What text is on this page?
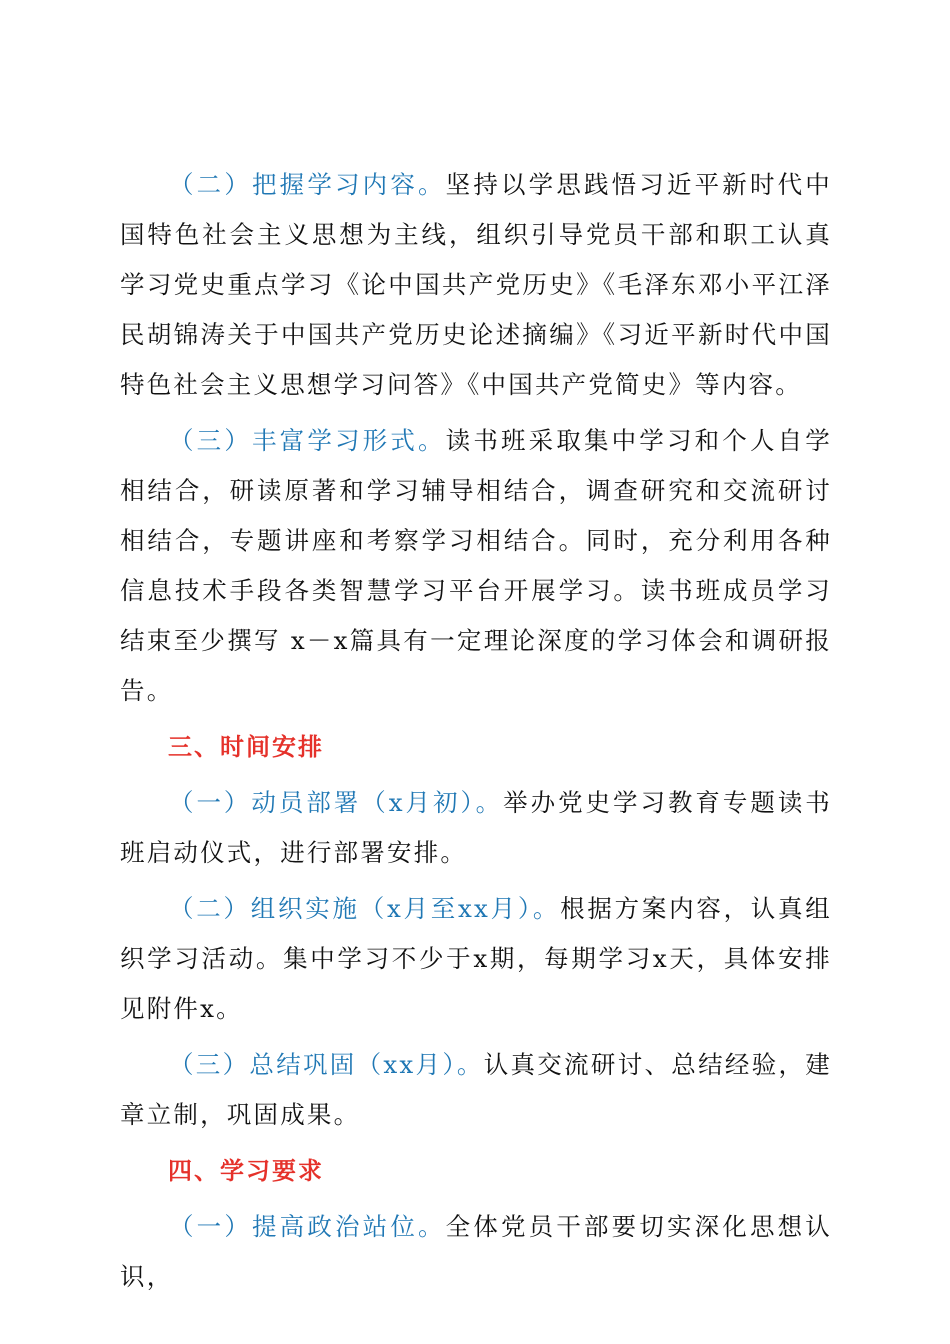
（二）把握学习内容。坚持以学思践悟习近平新时代中国特色社会主义思想为主线，组织引导党员干部和职工认真学习党史重点学习《论中国共产党历史》《毛泽东邓小平江泽民胡锦涛关于中国共产党历史论述摘编》《习近平新时代中国特色社会主义思想学习问答》《中国共产党简史》等内容。

（三）丰富学习形式。读书班采取集中学习和个人自学相结合，研读原著和学习辅导相结合，调查研究和交流研讨相结合，专题讲座和考察学习相结合。同时，充分利用各种信息技术手段各类智慧学习平台开展学习。读书班成员学习结束至少撰写 x－x篇具有一定理论深度的学习体会和调研报告。

三、时间安排

（一）动员部署（x月初）。举办党史学习教育专题读书班启动仪式，进行部署安排。

（二）组织实施（x月至xx月）。根据方案内容，认真组织学习活动。集中学习不少于x期，每期学习x天，具体安排见附件x。

（三）总结巩固（xx月）。认真交流研讨、总结经验，建章立制，巩固成果。

四、学习要求

（一）提高政治站位。全体党员干部要切实深化思想认识，
